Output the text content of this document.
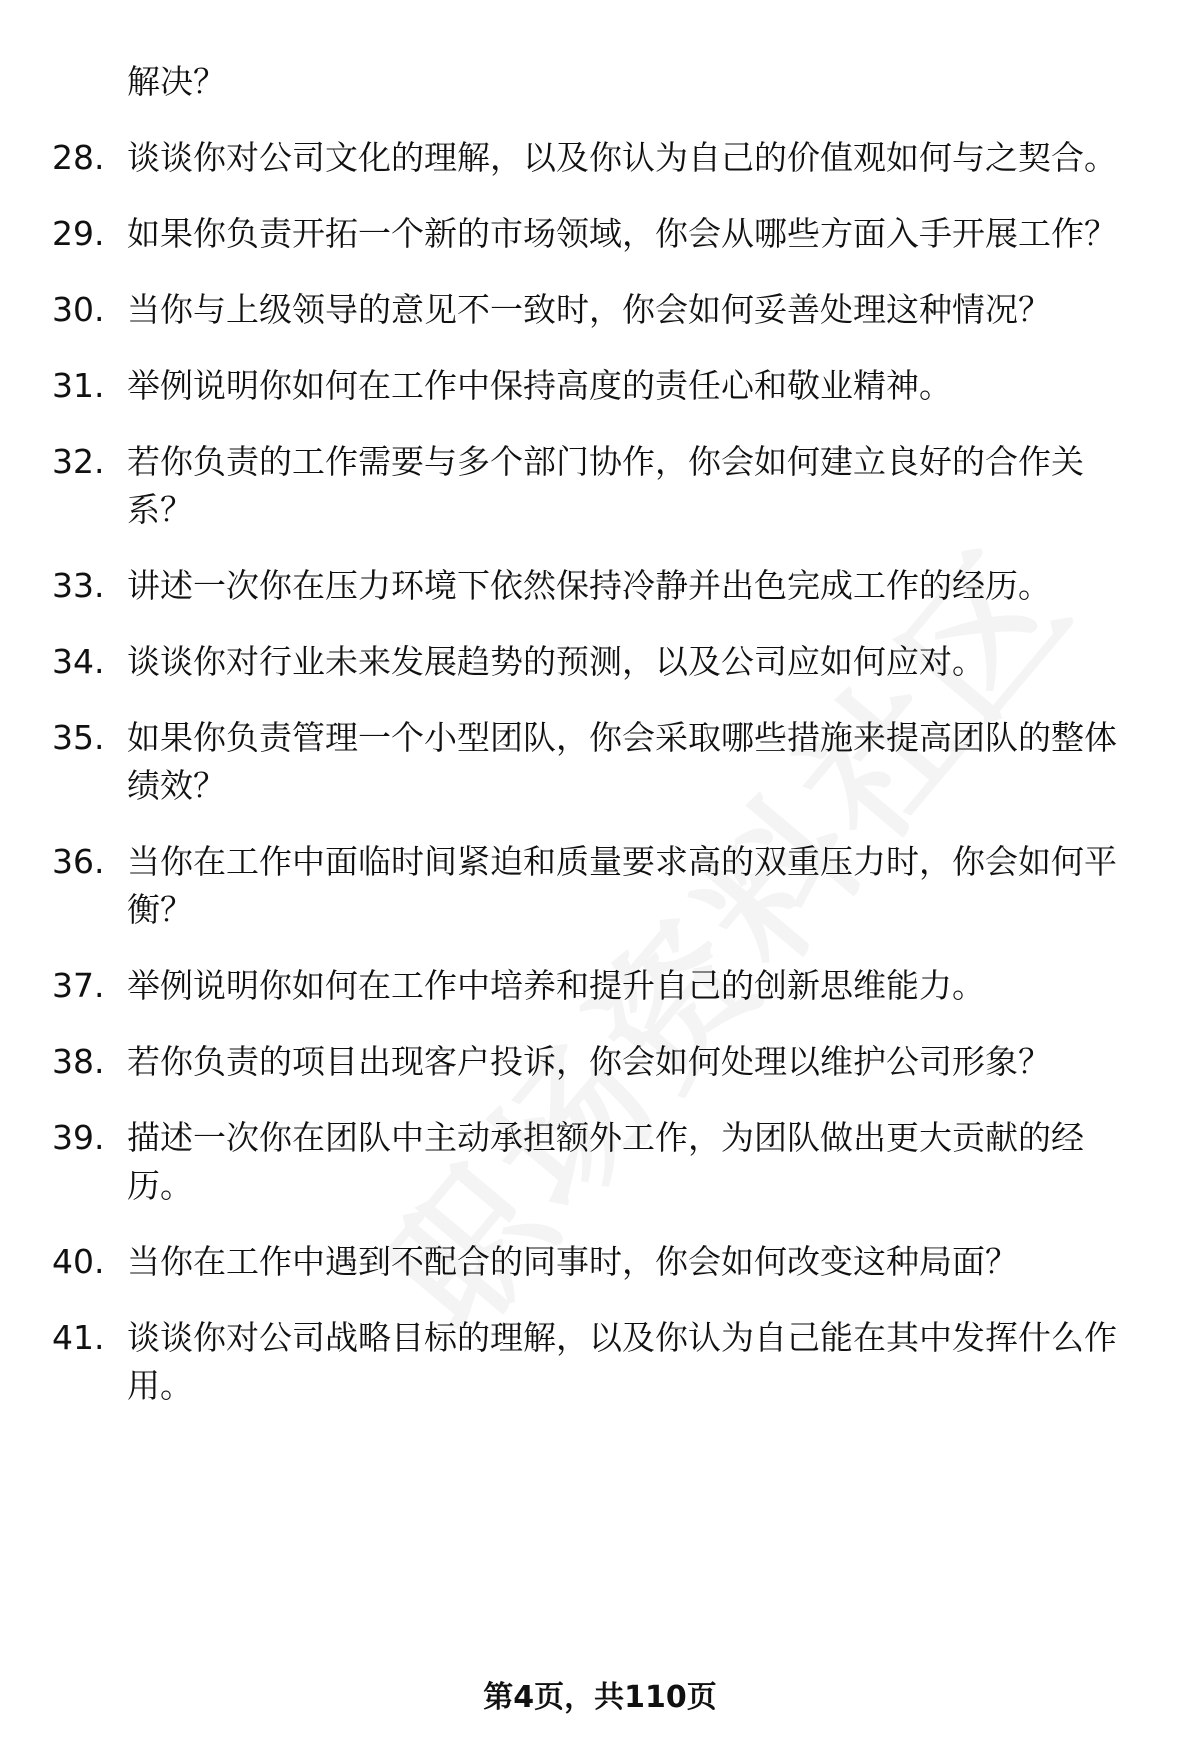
解决？
28. 谈谈你对公司文化的理解，以及你认为自己的价值观如何与之契合。
29. 如果你负责开拓一个新的市场领域，你会从哪些方面入手开展工作？
30. 当你与上级领导的意见不一致时，你会如何妥善处理这种情况？
31. 举例说明你如何在工作中保持高度的责任心和敬业精神。
32. 若你负责的工作需要与多个部门协作，你会如何建立良好的合作关系？
33. 讲述一次你在压力环境下依然保持冷静并出色完成工作的经历。
34. 谈谈你对行业未来发展趋势的预测，以及公司应如何应对。
35. 如果你负责管理一个小型团队，你会采取哪些措施来提高团队的整体绩效？
36. 当你在工作中面临时间紧迫和质量要求高的双重压力时，你会如何平衡？
37. 举例说明你如何在工作中培养和提升自己的创新思维能力。
38. 若你负责的项目出现客户投诉，你会如何处理以维护公司形象？
39. 描述一次你在团队中主动承担额外工作，为团队做出更大贡献的经历。
40. 当你在工作中遇到不配合的同事时，你会如何改变这种局面？
41. 谈谈你对公司战略目标的理解，以及你认为自己能在其中发挥什么作用。
第4页，共110页
